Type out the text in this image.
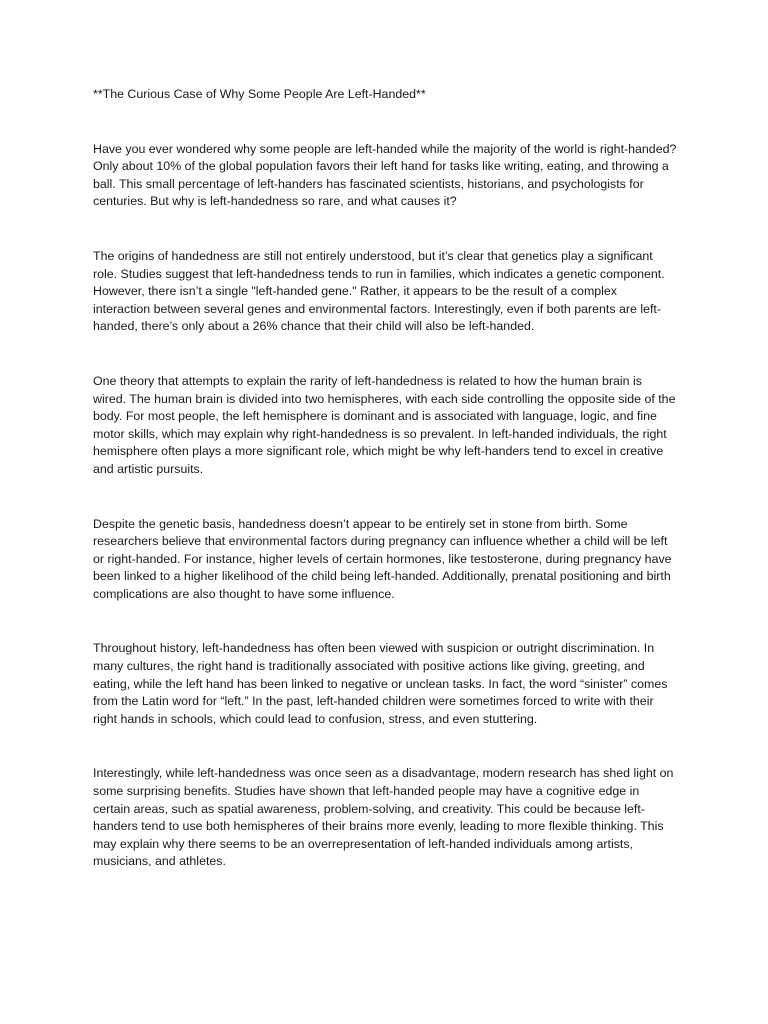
**The Curious Case of Why Some People Are Left-Handed**

Have you ever wondered why some people are left-handed while the majority of the world is right-handed? Only about 10% of the global population favors their left hand for tasks like writing, eating, and throwing a ball. This small percentage of left-handers has fascinated scientists, historians, and psychologists for centuries. But why is left-handedness so rare, and what causes it?

The origins of handedness are still not entirely understood, but it’s clear that genetics play a significant role. Studies suggest that left-handedness tends to run in families, which indicates a genetic component. However, there isn’t a single "left-handed gene." Rather, it appears to be the result of a complex interaction between several genes and environmental factors. Interestingly, even if both parents are left-handed, there’s only about a 26% chance that their child will also be left-handed.

One theory that attempts to explain the rarity of left-handedness is related to how the human brain is wired. The human brain is divided into two hemispheres, with each side controlling the opposite side of the body. For most people, the left hemisphere is dominant and is associated with language, logic, and fine motor skills, which may explain why right-handedness is so prevalent. In left-handed individuals, the right hemisphere often plays a more significant role, which might be why left-handers tend to excel in creative and artistic pursuits.

Despite the genetic basis, handedness doesn’t appear to be entirely set in stone from birth. Some researchers believe that environmental factors during pregnancy can influence whether a child will be left or right-handed. For instance, higher levels of certain hormones, like testosterone, during pregnancy have been linked to a higher likelihood of the child being left-handed. Additionally, prenatal positioning and birth complications are also thought to have some influence.

Throughout history, left-handedness has often been viewed with suspicion or outright discrimination. In many cultures, the right hand is traditionally associated with positive actions like giving, greeting, and eating, while the left hand has been linked to negative or unclean tasks. In fact, the word “sinister” comes from the Latin word for “left.” In the past, left-handed children were sometimes forced to write with their right hands in schools, which could lead to confusion, stress, and even stuttering.

Interestingly, while left-handedness was once seen as a disadvantage, modern research has shed light on some surprising benefits. Studies have shown that left-handed people may have a cognitive edge in certain areas, such as spatial awareness, problem-solving, and creativity. This could be because left-handers tend to use both hemispheres of their brains more evenly, leading to more flexible thinking. This may explain why there seems to be an overrepresentation of left-handed individuals among artists, musicians, and athletes.
